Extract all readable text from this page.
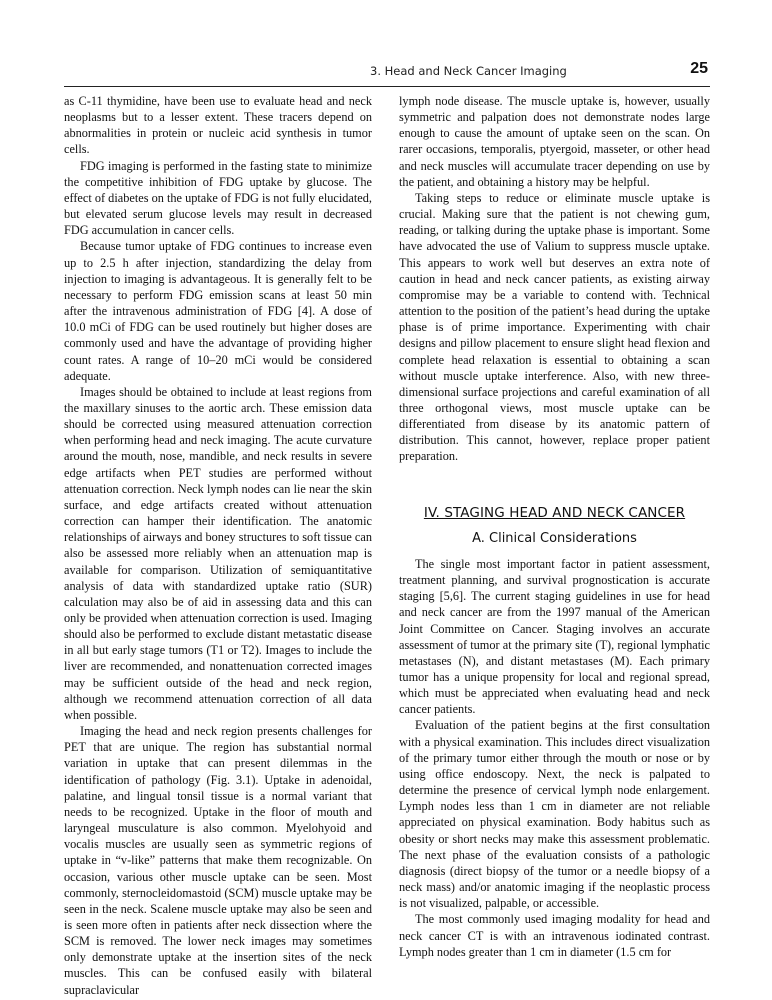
3. Head and Neck Cancer Imaging	25

as C-11 thymidine, have been use to evaluate head and neck neoplasms but to a lesser extent. These tracers depend on abnormalities in protein or nucleic acid synthesis in tumor cells.

FDG imaging is performed in the fasting state to minimize the competitive inhibition of FDG uptake by glucose. The effect of diabetes on the uptake of FDG is not fully elucidated, but elevated serum glucose levels may result in decreased FDG accumulation in cancer cells.

Because tumor uptake of FDG continues to increase even up to 2.5 h after injection, standardizing the delay from injection to imaging is advantageous. It is generally felt to be necessary to perform FDG emission scans at least 50 min after the intravenous administration of FDG [4]. A dose of 10.0 mCi of FDG can be used routinely but higher doses are commonly used and have the advantage of providing higher count rates. A range of 10–20 mCi would be considered adequate.

Images should be obtained to include at least regions from the maxillary sinuses to the aortic arch. These emission data should be corrected using measured attenuation correction when performing head and neck imaging. The acute curvature around the mouth, nose, mandible, and neck results in severe edge artifacts when PET studies are performed without attenuation correction. Neck lymph nodes can lie near the skin surface, and edge artifacts created without attenuation correction can hamper their identification. The anatomic relationships of airways and boney structures to soft tissue can also be assessed more reliably when an attenuation map is available for comparison. Utilization of semiquantitative analysis of data with standardized uptake ratio (SUR) calculation may also be of aid in assessing data and this can only be provided when attenuation correction is used. Imaging should also be performed to exclude distant metastatic disease in all but early stage tumors (T1 or T2). Images to include the liver are recommended, and nonattenuation corrected images may be sufficient outside of the head and neck region, although we recommend attenuation correction of all data when possible.

Imaging the head and neck region presents challenges for PET that are unique. The region has substantial normal variation in uptake that can present dilemmas in the identification of pathology (Fig. 3.1). Uptake in adenoidal, palatine, and lingual tonsil tissue is a normal variant that needs to be recognized. Uptake in the floor of mouth and laryngeal musculature is also common. Myelohyoid and vocalis muscles are usually seen as symmetric regions of uptake in “v-like” patterns that make them recognizable. On occasion, various other muscle uptake can be seen. Most commonly, sternocleidomastoid (SCM) muscle uptake may be seen in the neck. Scalene muscle uptake may also be seen and is seen more often in patients after neck dissection where the SCM is removed. The lower neck images may sometimes only demonstrate uptake at the insertion sites of the neck muscles. This can be confused easily with bilateral supraclavicular

lymph node disease. The muscle uptake is, however, usually symmetric and palpation does not demonstrate nodes large enough to cause the amount of uptake seen on the scan. On rarer occasions, temporalis, ptyergoid, masseter, or other head and neck muscles will accumulate tracer depending on use by the patient, and obtaining a history may be helpful.

Taking steps to reduce or eliminate muscle uptake is crucial. Making sure that the patient is not chewing gum, reading, or talking during the uptake phase is important. Some have advocated the use of Valium to suppress muscle uptake. This appears to work well but deserves an extra note of caution in head and neck cancer patients, as existing airway compromise may be a variable to contend with. Technical attention to the position of the patient’s head during the uptake phase is of prime importance. Experimenting with chair designs and pillow placement to ensure slight head flexion and complete head relaxation is essential to obtaining a scan without muscle uptake interference. Also, with new three-dimensional surface projections and careful examination of all three orthogonal views, most muscle uptake can be differentiated from disease by its anatomic pattern of distribution. This cannot, however, replace proper patient preparation.

IV. STAGING HEAD AND NECK CANCER
A. Clinical Considerations

The single most important factor in patient assessment, treatment planning, and survival prognostication is accurate staging [5,6]. The current staging guidelines in use for head and neck cancer are from the 1997 manual of the American Joint Committee on Cancer. Staging involves an accurate assessment of tumor at the primary site (T), regional lymphatic metastases (N), and distant metastases (M). Each primary tumor has a unique propensity for local and regional spread, which must be appreciated when evaluating head and neck cancer patients.

Evaluation of the patient begins at the first consultation with a physical examination. This includes direct visualization of the primary tumor either through the mouth or nose or by using office endoscopy. Next, the neck is palpated to determine the presence of cervical lymph node enlargement. Lymph nodes less than 1 cm in diameter are not reliable appreciated on physical examination. Body habitus such as obesity or short necks may make this assessment problematic. The next phase of the evaluation consists of a pathologic diagnosis (direct biopsy of the tumor or a needle biopsy of a neck mass) and/or anatomic imaging if the neoplastic process is not visualized, palpable, or accessible.

The most commonly used imaging modality for head and neck cancer CT is with an intravenous iodinated contrast. Lymph nodes greater than 1 cm in diameter (1.5 cm for
